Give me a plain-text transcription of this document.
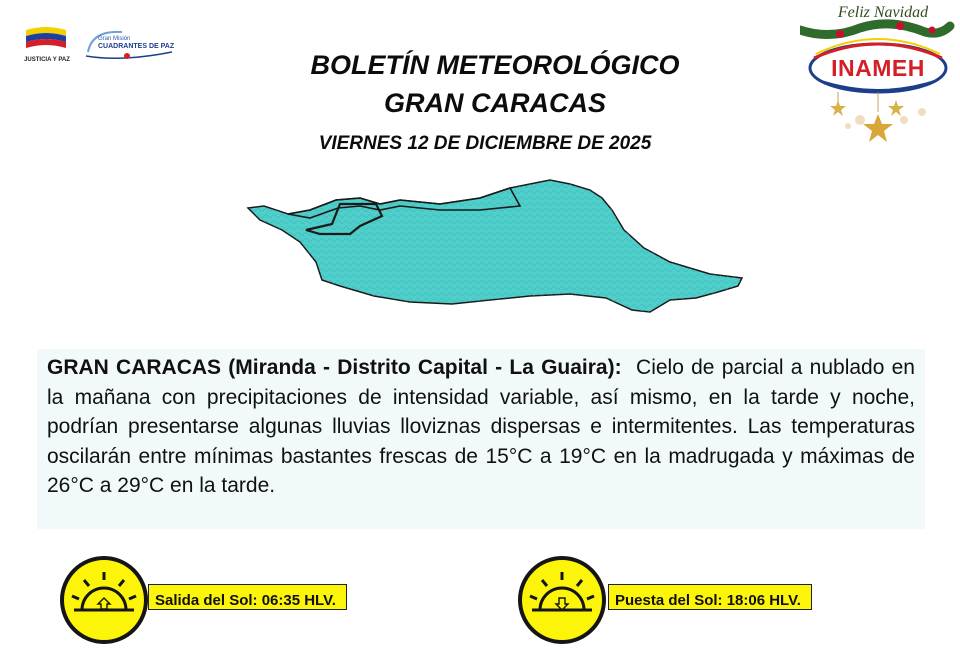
JUSTICIA Y PAZ
Gran Misión
CUADRANTES DE PAZ
BOLETÍN METEOROLÓGICO
GRAN CARACAS
VIERNES 12 DE DICIEMBRE DE 2025
Feliz Navidad
INAMEH

GRAN CARACAS (Miranda - Distrito Capital - La Guaira): Cielo de parcial a nublado en la mañana con precipitaciones de intensidad variable, así mismo, en la tarde y noche, podrían presentarse algunas lluvias lloviznas dispersas e intermitentes. Las temperaturas oscilarán entre mínimas bastantes frescas de 15°C a 19°C en la madrugada y máximas de 26°C a 29°C en la tarde.

Salida del Sol: 06:35 HLV.	Puesta del Sol: 18:06 HLV.
